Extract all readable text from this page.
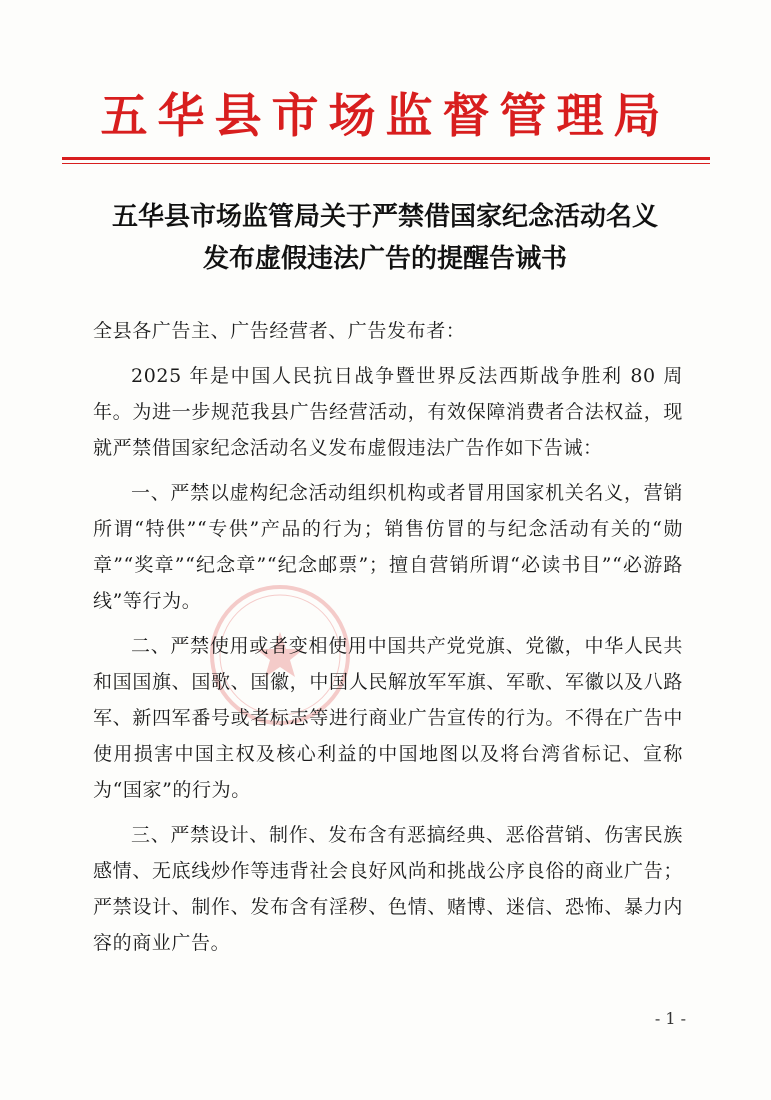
五华县市场监督管理局
五华县市场监管局关于严禁借国家纪念活动名义
发布虚假违法广告的提醒告诫书

全县各广告主、广告经营者、广告发布者：

2025 年是中国人民抗日战争暨世界反法西斯战争胜利 80 周年。为进一步规范我县广告经营活动，有效保障消费者合法权益，现就严禁借国家纪念活动名义发布虚假违法广告作如下告诫：

一、严禁以虚构纪念活动组织机构或者冒用国家机关名义，营销所谓“特供”“专供”产品的行为；销售仿冒的与纪念活动有关的“勋章”“奖章”“纪念章”“纪念邮票”；擅自营销所谓“必读书目”“必游路线”等行为。

二、严禁使用或者变相使用中国共产党党旗、党徽，中华人民共和国国旗、国歌、国徽，中国人民解放军军旗、军歌、军徽以及八路军、新四军番号或者标志等进行商业广告宣传的行为。不得在广告中使用损害中国主权及核心利益的中国地图以及将台湾省标记、宣称为“国家”的行为。

三、严禁设计、制作、发布含有恶搞经典、恶俗营销、伤害民族感情、无底线炒作等违背社会良好风尚和挑战公序良俗的商业广告；严禁设计、制作、发布含有淫秽、色情、赌博、迷信、恐怖、暴力内容的商业广告。

- 1 -
